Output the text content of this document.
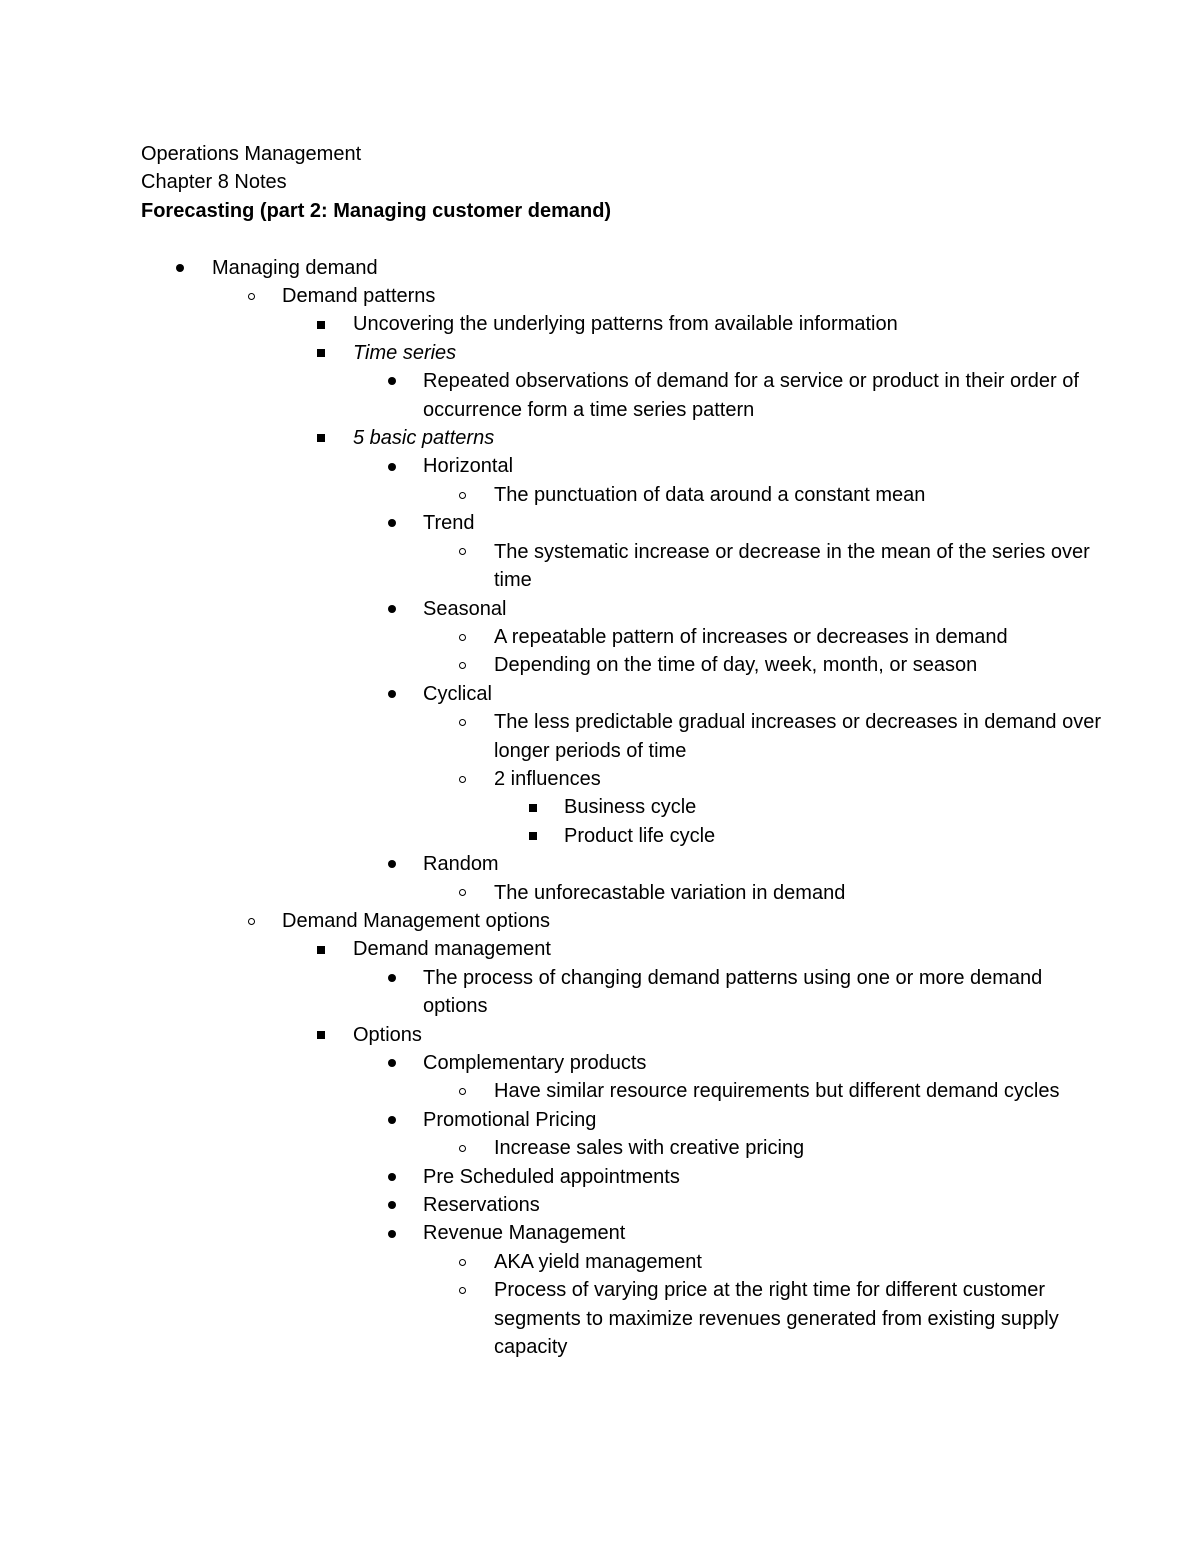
Operations Management
Chapter 8 Notes
Forecasting (part 2: Managing customer demand)

Managing demand
Demand patterns
Uncovering the underlying patterns from available information
Time series
Repeated observations of demand for a service or product in their order of occurrence form a time series pattern
5 basic patterns
Horizontal
The punctuation of data around a constant mean
Trend
The systematic increase or decrease in the mean of the series over time
Seasonal
A repeatable pattern of increases or decreases in demand
Depending on the time of day, week, month, or season
Cyclical
The less predictable gradual increases or decreases in demand over longer periods of time
2 influences
Business cycle
Product life cycle
Random
The unforecastable variation in demand
Demand Management options
Demand management
The process of changing demand patterns using one or more demand options
Options
Complementary products
Have similar resource requirements but different demand cycles
Promotional Pricing
Increase sales with creative pricing
Pre Scheduled appointments
Reservations
Revenue Management
AKA yield management
Process of varying price at the right time for different customer segments to maximize revenues generated from existing supply capacity
